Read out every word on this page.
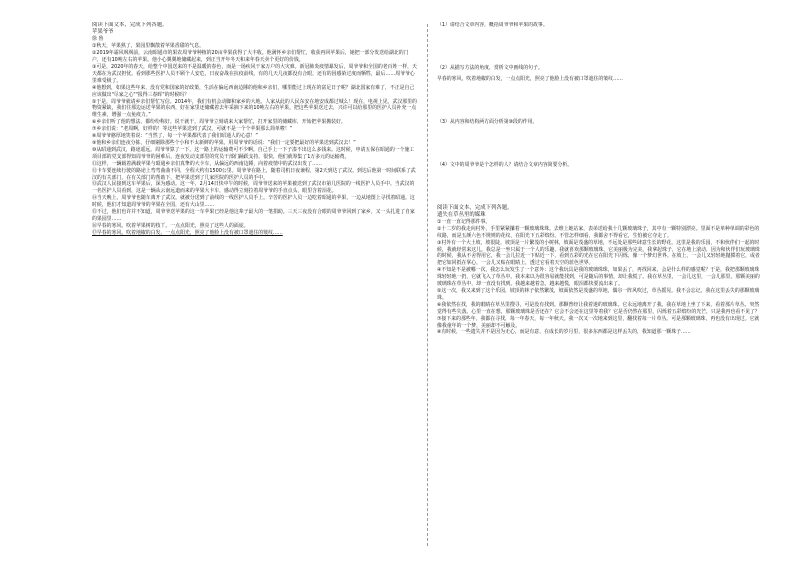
阅读下面文本，完成下列各题。

苹果爷爷

徐 鲁

①秋天，苹果熟了，果园里飘散着苹果香甜的气息。

②2019年霜风飒飒前，云南昭通市的果农周爷爷种植的20亩苹果获得了大丰收。他满怀乡亲们帮忙，收获再回苹果后，她把一部分发送给湖北的门户，还有10吨左右的苹果。他小心翼翼地储藏起来，到正当开年冬天和来年春天卖个更好的价钱。

③可是，2020年的春天，给整个中国送来的不是温暖的春色，而是一场疾风干家万户的大灾难。新冠肺炎疫情暴发后，周爷爷和全国的老百姓一样，天天都在为武汉担忧。看到那些医护人员不顾个人安危，日夜奋战在抗疫前线，有的几天几夜都没有合眼，还有的因感染过度而牺牲，最后……周爷爷心里难受极了。

④他想到，如果这些年来，没有党和国家的好政策，生活在偏远西南边陲的他和乡亲们，哪里能过上现在的富足日子呢？湖北国家有难了，不正是自己应该做出"尽家之心""报得三春晖"的时候吗？

⑤于是，周爷爷就请乡亲们帮忙写信。2014年，我们有机会动脚和家乡的大地。人家从此的人民东安在地安成都过城么！现在，电视上见，武汉那里的物资紧缺，我们往那边运送苹果的东西，好在家里还储藏着去年采摘下来的10吨左右的苹果。把这些苹果送过去，兴许可以给那里的医护人员补充一点维生素，增强一点免疫力。”

⑥乡亲们听了他的想法，都纷纷称好。说干就干，周爷爷立刻请来大家帮忙，打开家里的储藏库，开始把苹果搬装好。

⑦乡亲们说：“老周啊，好样的！等这些苹果送到了武汉，可就不是一个个苹果那么简单啦！”

⑧周爷爷憨厚地笑着说：“当然了，每一个苹果都代表了我们昭通人的心意！”

⑨他和乡亲们连夜分拣，仔细剔除那些个小和不太新鲜的苹果。用周爷爷的话说：“我们一定要把最好的苹果送到武汉去！”

⑩从昭通到武汉，路途遥远。周爷爷算了一下，这一路上的运输费可不少啊。自己手上一下子凑不出这么多钱来。这时候，申请五保在昭通的一个施工项目部的党支部得知周爷爷的困难后，连夜发动支部里的党员干部们踊跃支持，很快，他们就筹集了1万多元的运输费。

⑪这样，一辆载着满载苹果与昭通乡亲们真挚的大卡车，从偏远的西南边陲，向着疫情中的武汉出发了……

⑫卡车要连续行驶的路途上弯弯曲曲不同，全程大约有1500公里。周爷爷在路上，随着司机日夜兼程，第2天到达了武汉。到达后他第一时间联系了武汉的有关部门，在有关部门的帮助下，把苹果送到了几家医院的医护人员的手中。

⑬武汉人民接到这车苹果后，深为感动。这一年，2月14日快中午的时候，周爷爷送来的苹果被送到了武汉市第几医院的一线医护人员手中。当武汉的一名医护人员看到，这是一辆从云南远道而来的苹果大卡车，感动得立刻拉着周爷爷的手直点头，眼里含着泪花。

⑭当天晚上，周爷爷也随车离开了武汉。就被分送到了前线的一线医护人员手上。辛苦的医护人员一边吃着昭通的苹果，一边从地图上寻找着昭通。这时候，他们才知道周爷爷的苹果在全国，还有大山里……

⑮不过，他们也许并不知道，周爷爷送苹果的这一车苹果已经是他这辈子最大的一笔捐助。三天三夜没有合眼的周爷爷回到了家乡，又一头扎进了自家的果园里……

⑯早春的寒风，吹着苹果树的枝丫。一点点阳光，照亮了这些人的面庞。

⑰早春的寒风，吹着地椒的白发，一点点阳光，照亮了他脸上没有被口罩遮住的皱纹……

（1）请结合文章内容，概括周爷爷和苹果的故事。

（2）从描写方法的角度，赏析文中画线的句子。

早春的寒风，吹着地椒的白发，一点点阳光，照亮了他脸上没有被口罩遮住的皱纹……

（3）从内容和结构两方面分析第⑩段的作用。

（4）文中的周爷爷是个怎样的人？请结合文章内容简要分析。

阅读下面文本，完成下列各题。

遗失在草丛里的媒珠

①一直一直记得那件事。

②十二岁的我走向村外，手里紧紧攥着一颗玻璃珠珠。去维上她站家，表弟送给我十几颗玻璃珠子，其中有一颗特别漂亮。里面不是单种单调的彩色的纹路，而是五颜六色不规则的花纹，在阳光下五彩缤纷。不管怎样细看，我都舍不得看它，生怕被它夺走了。

③村外有一个大土坡，坡很陡，坡顶是一片繁茂的小树林，坡面是茂盛的草地，不远处是那些肆意生长的野花。这里是我的乐园，不和伙伴们一起的时候，我就经常来这儿。我总是一坐只属于一个人的乐趣，我就喜欢那颗玻璃珠，它美丽极为完美。我拿起珠子，它在地上滚动，因为和伙伴们玩玻璃珠的时候，我从不舍得用它，我一会儿拉近一下贴近一下，看到五彩的光在它在阳光下闪烁，像一个梦幻世界。在坡上，一会儿又轻轻地抛掷着它，或者把它如同抵在掌心，一会儿又贴在眼睛上，透过它看着天空的蓝色世界。

④不知是不是被哪一次，我怎么玩发生了一个意外：这个我玩具是我的玻璃珠珠，如果丢了，再找回来，会是什么样的感觉呢？于是，我把那颗玻璃珠珠轻轻地一扔，它就飞入了草丛中。我本来以为很容易就能找到，可是随后的事情，却让我慌了。我在草丛里，一会儿这里，一会儿那里。那颗美丽的玻璃珠在草丛中，却一直没有找到。我越来越着急，越来越慌，眼泪都快要流出来了。

⑤这一次，我又来到了这个乐园，坡顶的林子依然繁茂，坡面依然是茂盛的草地，偶尔一阵风吹过，草丛摇晃。我不会忘记，我在这里丢失的那颗玻璃珠。

⑥我依然在找，我的眼睛在草丛里搜寻，可是没有找到。那颗曾经让我着迷的玻璃珠，它永远地离开了我。我在草地上坐了下来，看着那片草丛，突然觉得有些失落。心里一直在想，那颗玻璃珠是否还在？它会不会还在这里等着我？它是否仍然在那里，闪烁着五彩缤纷的光芒，只是我再也看不见了？

⑦接下来的那些年，我都在寻找，每一年春天，每一年秋天。我一次又一次地来到这里，翻找着每一片草丛。可是那颗玻璃珠，再也没有出现过。它就像我童年的一个梦，美丽却不可触及。

⑧有时候，一些遗失并不是因为无心，而是有意，在成长的岁月里，很多东西都是这样丢失的，我知道那一颗珠子……
